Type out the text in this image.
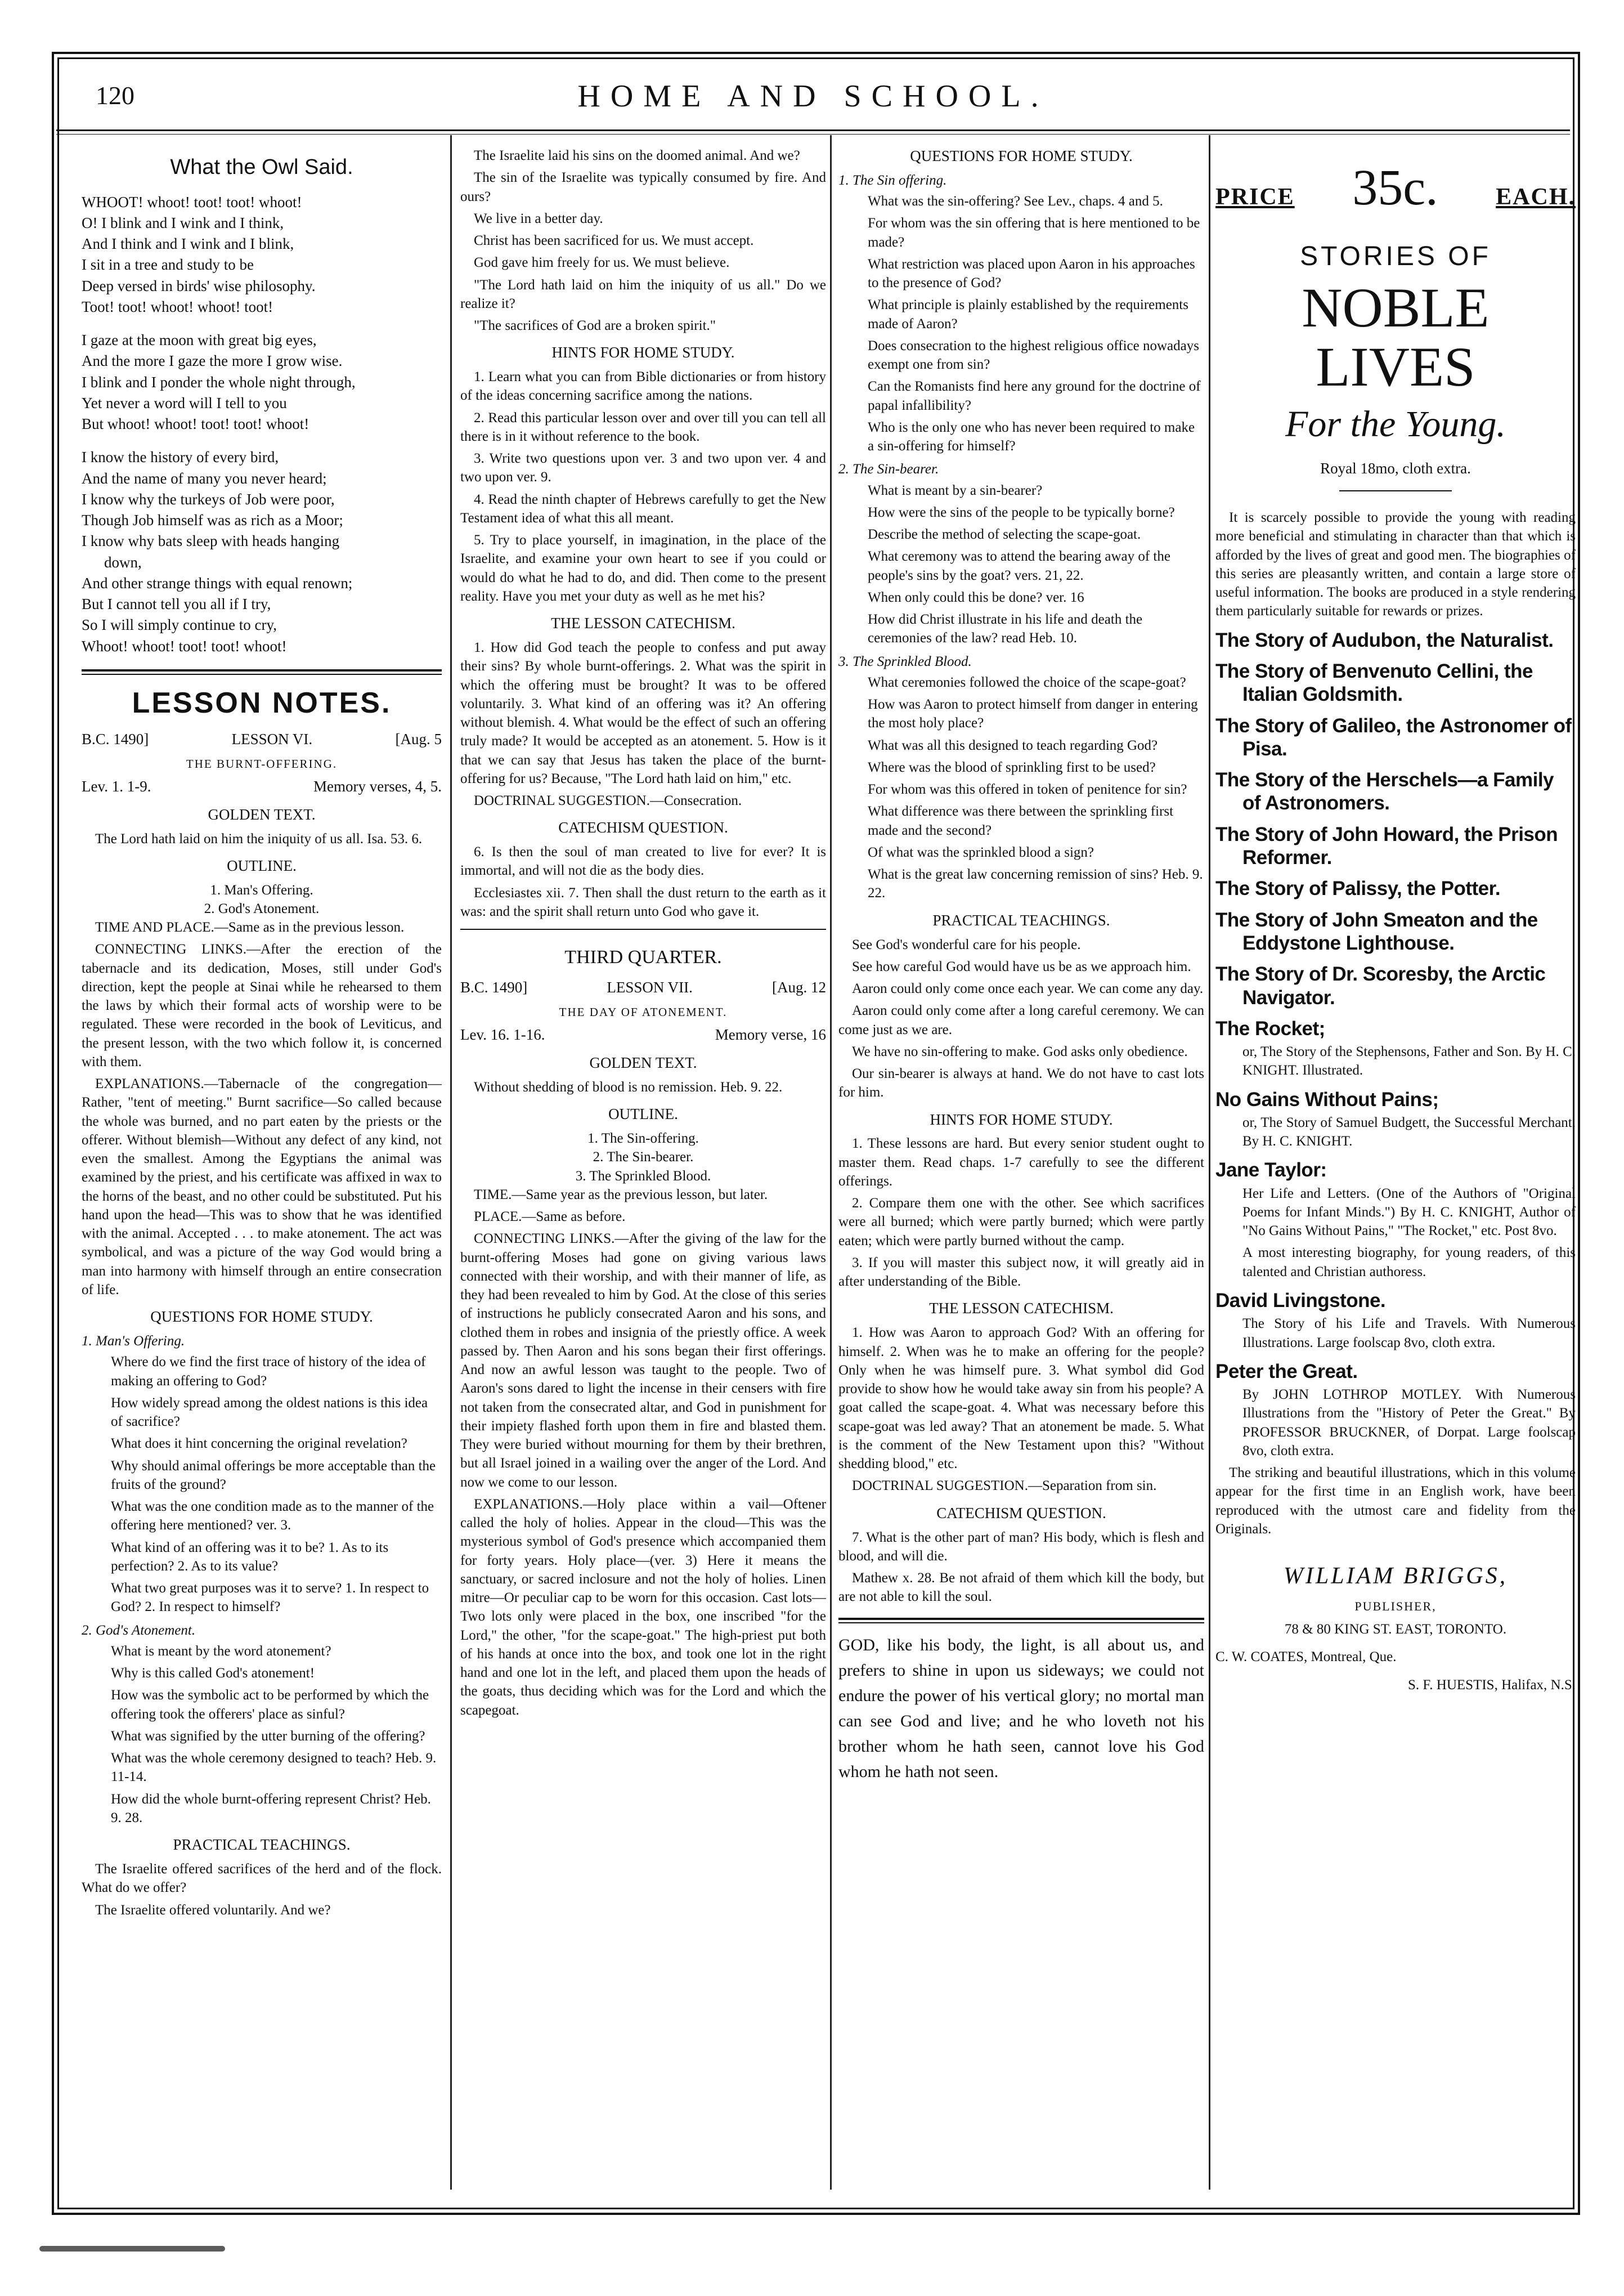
120	HOME AND SCHOOL.
What the Owl Said.
WHOOT! whoot! toot! toot! whoot!
O! I blink and I wink and I think,
And I think and I wink and I blink,
I sit in a tree and study to be
Deep versed in birds' wise philosophy.
Toot! toot! whoot! whoot! toot!
I gaze at the moon with great big eyes,
And the more I gaze the more I grow wise.
I blink and I ponder the whole night through,
Yet never a word will I tell to you
But whoot! whoot! toot! toot! whoot!
I know the history of every bird,
And the name of many you never heard;
I know why the turkeys of Job were poor,
Though Job himself was as rich as a Moor;
I know why bats sleep with heads hanging
down,
And other strange things with equal renown;
But I cannot tell you all if I try,
So I will simply continue to cry,
Whoot! whoot! toot! toot! whoot!
LESSON NOTES.
B.C. 1490]	LESSON VI.	[Aug. 5
THE BURNT-OFFERING.
Lev. 1. 1-9.	Memory verses, 4, 5.
GOLDEN TEXT.

The Lord hath laid on him the iniquity of us all. Isa. 53. 6.

OUTLINE.
1. Man's Offering.
2. God's Atonement.

TIME AND PLACE.—Same as in the previous lesson.

CONNECTING LINKS.—After the erection of the tabernacle and its dedication, Moses, still under God's direction, kept the people at Sinai while he rehearsed to them the laws by which their formal acts of worship were to be regulated. These were recorded in the book of Leviticus, and the present lesson, with the two which follow it, is concerned with them.

EXPLANATIONS.—Tabernacle of the congregation—Rather, "tent of meeting." Burnt sacrifice—So called because the whole was burned, and no part eaten by the priests or the offerer. Without blemish—Without any defect of any kind, not even the smallest. Among the Egyptians the animal was examined by the priest, and his certificate was affixed in wax to the horns of the beast, and no other could be substituted. Put his hand upon the head—This was to show that he was identified with the animal. Accepted . . . to make atonement. The act was symbolical, and was a picture of the way God would bring a man into harmony with himself through an entire consecration of life.

QUESTIONS FOR HOME STUDY.
1. Man's Offering.

Where do we find the first trace of history of the idea of making an offering to God?

How widely spread among the oldest nations is this idea of sacrifice?

What does it hint concerning the original revelation?

Why should animal offerings be more acceptable than the fruits of the ground?

What was the one condition made as to the manner of the offering here mentioned? ver. 3.

What kind of an offering was it to be? 1. As to its perfection? 2. As to its value?

What two great purposes was it to serve? 1. In respect to God? 2. In respect to himself?

2. God's Atonement.

What is meant by the word atonement?

Why is this called God's atonement!

How was the symbolic act to be performed by which the offering took the offerers' place as sinful?

What was signified by the utter burning of the offering?

What was the whole ceremony designed to teach? Heb. 9. 11-14.

How did the whole burnt-offering represent Christ? Heb. 9. 28.

PRACTICAL TEACHINGS.

The Israelite offered sacrifices of the herd and of the flock. What do we offer?

The Israelite offered voluntarily. And we?

The Israelite laid his sins on the doomed animal. And we?

The sin of the Israelite was typically consumed by fire. And ours?

We live in a better day.

Christ has been sacrificed for us. We must accept.

God gave him freely for us. We must believe.

"The Lord hath laid on him the iniquity of us all." Do we realize it?

"The sacrifices of God are a broken spirit."

HINTS FOR HOME STUDY.

1. Learn what you can from Bible dictionaries or from history of the ideas concerning sacrifice among the nations.

2. Read this particular lesson over and over till you can tell all there is in it without reference to the book.

3. Write two questions upon ver. 3 and two upon ver. 4 and two upon ver. 9.

4. Read the ninth chapter of Hebrews carefully to get the New Testament idea of what this all meant.

5. Try to place yourself, in imagination, in the place of the Israelite, and examine your own heart to see if you could or would do what he had to do, and did. Then come to the present reality. Have you met your duty as well as he met his?

THE LESSON CATECHISM.

1. How did God teach the people to confess and put away their sins? By whole burnt-offerings. 2. What was the spirit in which the offering must be brought? It was to be offered voluntarily. 3. What kind of an offering was it? An offering without blemish. 4. What would be the effect of such an offering truly made? It would be accepted as an atonement. 5. How is it that we can say that Jesus has taken the place of the burnt-offering for us? Because, "The Lord hath laid on him," etc.

DOCTRINAL SUGGESTION.—Consecration.

CATECHISM QUESTION.

6. Is then the soul of man created to live for ever? It is immortal, and will not die as the body dies.

Ecclesiastes xii. 7. Then shall the dust return to the earth as it was: and the spirit shall return unto God who gave it.

THIRD QUARTER.
B.C. 1490]	LESSON VII.	[Aug. 12
THE DAY OF ATONEMENT.
Lev. 16. 1-16.	Memory verse, 16
GOLDEN TEXT.

Without shedding of blood is no remission. Heb. 9. 22.

OUTLINE.
1. The Sin-offering.
2. The Sin-bearer.
3. The Sprinkled Blood.

TIME.—Same year as the previous lesson, but later.

PLACE.—Same as before.

CONNECTING LINKS.—After the giving of the law for the burnt-offering Moses had gone on giving various laws connected with their worship, and with their manner of life, as they had been revealed to him by God. At the close of this series of instructions he publicly consecrated Aaron and his sons, and clothed them in robes and insignia of the priestly office. A week passed by. Then Aaron and his sons began their first offerings. And now an awful lesson was taught to the people. Two of Aaron's sons dared to light the incense in their censers with fire not taken from the consecrated altar, and God in punishment for their impiety flashed forth upon them in fire and blasted them. They were buried without mourning for them by their brethren, but all Israel joined in a wailing over the anger of the Lord. And now we come to our lesson.

EXPLANATIONS.—Holy place within a vail—Oftener called the holy of holies. Appear in the cloud—This was the mysterious symbol of God's presence which accompanied them for forty years. Holy place—(ver. 3) Here it means the sanctuary, or sacred inclosure and not the holy of holies. Linen mitre—Or peculiar cap to be worn for this occasion. Cast lots—Two lots only were placed in the box, one inscribed "for the Lord," the other, "for the scape-goat." The high-priest put both of his hands at once into the box, and took one lot in the right hand and one lot in the left, and placed them upon the heads of the goats, thus deciding which was for the Lord and which the scapegoat.

QUESTIONS FOR HOME STUDY.
1. The Sin offering.

What was the sin-offering? See Lev., chaps. 4 and 5.

For whom was the sin offering that is here mentioned to be made?

What restriction was placed upon Aaron in his approaches to the presence of God?

What principle is plainly established by the requirements made of Aaron?

Does consecration to the highest religious office nowadays exempt one from sin?

Can the Romanists find here any ground for the doctrine of papal infallibility?

Who is the only one who has never been required to make a sin-offering for himself?

2. The Sin-bearer.

What is meant by a sin-bearer?

How were the sins of the people to be typically borne?

Describe the method of selecting the scape-goat.

What ceremony was to attend the bearing away of the people's sins by the goat? vers. 21, 22.

When only could this be done? ver. 16

How did Christ illustrate in his life and death the ceremonies of the law? read Heb. 10.

3. The Sprinkled Blood.

What ceremonies followed the choice of the scape-goat?

How was Aaron to protect himself from danger in entering the most holy place?

What was all this designed to teach regarding God?

Where was the blood of sprinkling first to be used?

For whom was this offered in token of penitence for sin?

What difference was there between the sprinkling first made and the second?

Of what was the sprinkled blood a sign?

What is the great law concerning remission of sins? Heb. 9. 22.

PRACTICAL TEACHINGS.

See God's wonderful care for his people.

See how careful God would have us be as we approach him.

Aaron could only come once each year. We can come any day.

Aaron could only come after a long careful ceremony. We can come just as we are.

We have no sin-offering to make. God asks only obedience.

Our sin-bearer is always at hand. We do not have to cast lots for him.

HINTS FOR HOME STUDY.

1. These lessons are hard. But every senior student ought to master them. Read chaps. 1-7 carefully to see the different offerings.

2. Compare them one with the other. See which sacrifices were all burned; which were partly burned; which were partly eaten; which were partly burned without the camp.

3. If you will master this subject now, it will greatly aid in after understanding of the Bible.

THE LESSON CATECHISM.

1. How was Aaron to approach God? With an offering for himself. 2. When was he to make an offering for the people? Only when he was himself pure. 3. What symbol did God provide to show how he would take away sin from his people? A goat called the scape-goat. 4. What was necessary before this scape-goat was led away? That an atonement be made. 5. What is the comment of the New Testament upon this? "Without shedding blood," etc.

DOCTRINAL SUGGESTION.—Separation from sin.

CATECHISM QUESTION.

7. What is the other part of man? His body, which is flesh and blood, and will die.

Mathew x. 28. Be not afraid of them which kill the body, but are not able to kill the soul.

GOD, like his body, the light, is all about us, and prefers to shine in upon us sideways; we could not endure the power of his vertical glory; no mortal man can see God and live; and he who loveth not his brother whom he hath seen, cannot love his God whom he hath not seen.
PRICE 35c. EACH.
STORIES OF
NOBLE LIVES
For the Young.
Royal 18mo, cloth extra.

It is scarcely possible to provide the young with reading more beneficial and stimulating in character than that which is afforded by the lives of great and good men. The biographies of this series are pleasantly written, and contain a large store of useful information. The books are produced in a style rendering them particularly suitable for rewards or prizes.

The Story of Audubon, the Naturalist.
The Story of Benvenuto Cellini, the Italian Goldsmith.
The Story of Galileo, the Astronomer of Pisa.
The Story of the Herschels—a Family of Astronomers.
The Story of John Howard, the Prison Reformer.
The Story of Palissy, the Potter.
The Story of John Smeaton and the Eddystone Lighthouse.
The Story of Dr. Scoresby, the Arctic Navigator.
The Rocket;

or, The Story of the Stephensons, Father and Son. By H. C. KNIGHT. Illustrated.

No Gains Without Pains;

or, The Story of Samuel Budgett, the Successful Merchant. By H. C. KNIGHT.

Jane Taylor:

Her Life and Letters. (One of the Authors of "Original Poems for Infant Minds.") By H. C. KNIGHT, Author of "No Gains Without Pains," "The Rocket," etc. Post 8vo.

A most interesting biography, for young readers, of this talented and Christian authoress.

David Livingstone.

The Story of his Life and Travels. With Numerous Illustrations. Large foolscap 8vo, cloth extra.

Peter the Great.

By JOHN LOTHROP MOTLEY. With Numerous Illustrations from the "History of Peter the Great." By PROFESSOR BRUCKNER, of Dorpat. Large foolscap 8vo, cloth extra.

The striking and beautiful illustrations, which in this volume appear for the first time in an English work, have been reproduced with the utmost care and fidelity from the Originals.

WILLIAM BRIGGS,
PUBLISHER,
78 & 80 KING ST. EAST, TORONTO.
C. W. COATES, Montreal, Que.
S. F. HUESTIS, Halifax, N.S.
